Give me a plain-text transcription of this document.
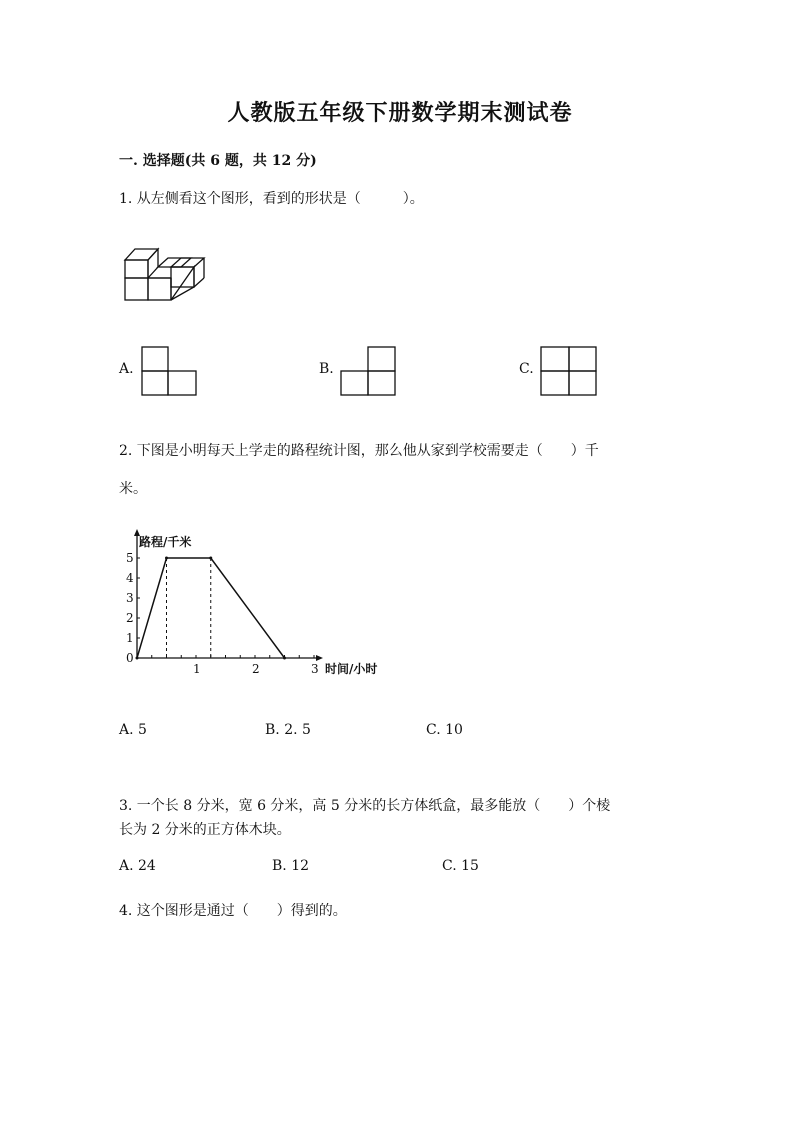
人教版五年级下册数学期末测试卷
一. 选择题(共 6 题，共 12 分)
1. 从左侧看这个图形，看到的形状是（　　　）。
A.	B.	C.
2. 下图是小明每天上学走的路程统计图，那么他从家到学校需要走（　　）千
米。
0
1
2
3
4
5
1	2	3
路程/千米
时间/小时
A. 5	B. 2. 5	C. 10
3. 一个长 8 分米，宽 6 分米，高 5 分米的长方体纸盒，最多能放（　　）个棱
长为 2 分米的正方体木块。
A. 24	B. 12	C. 15
4. 这个图形是通过（　　）得到的。
